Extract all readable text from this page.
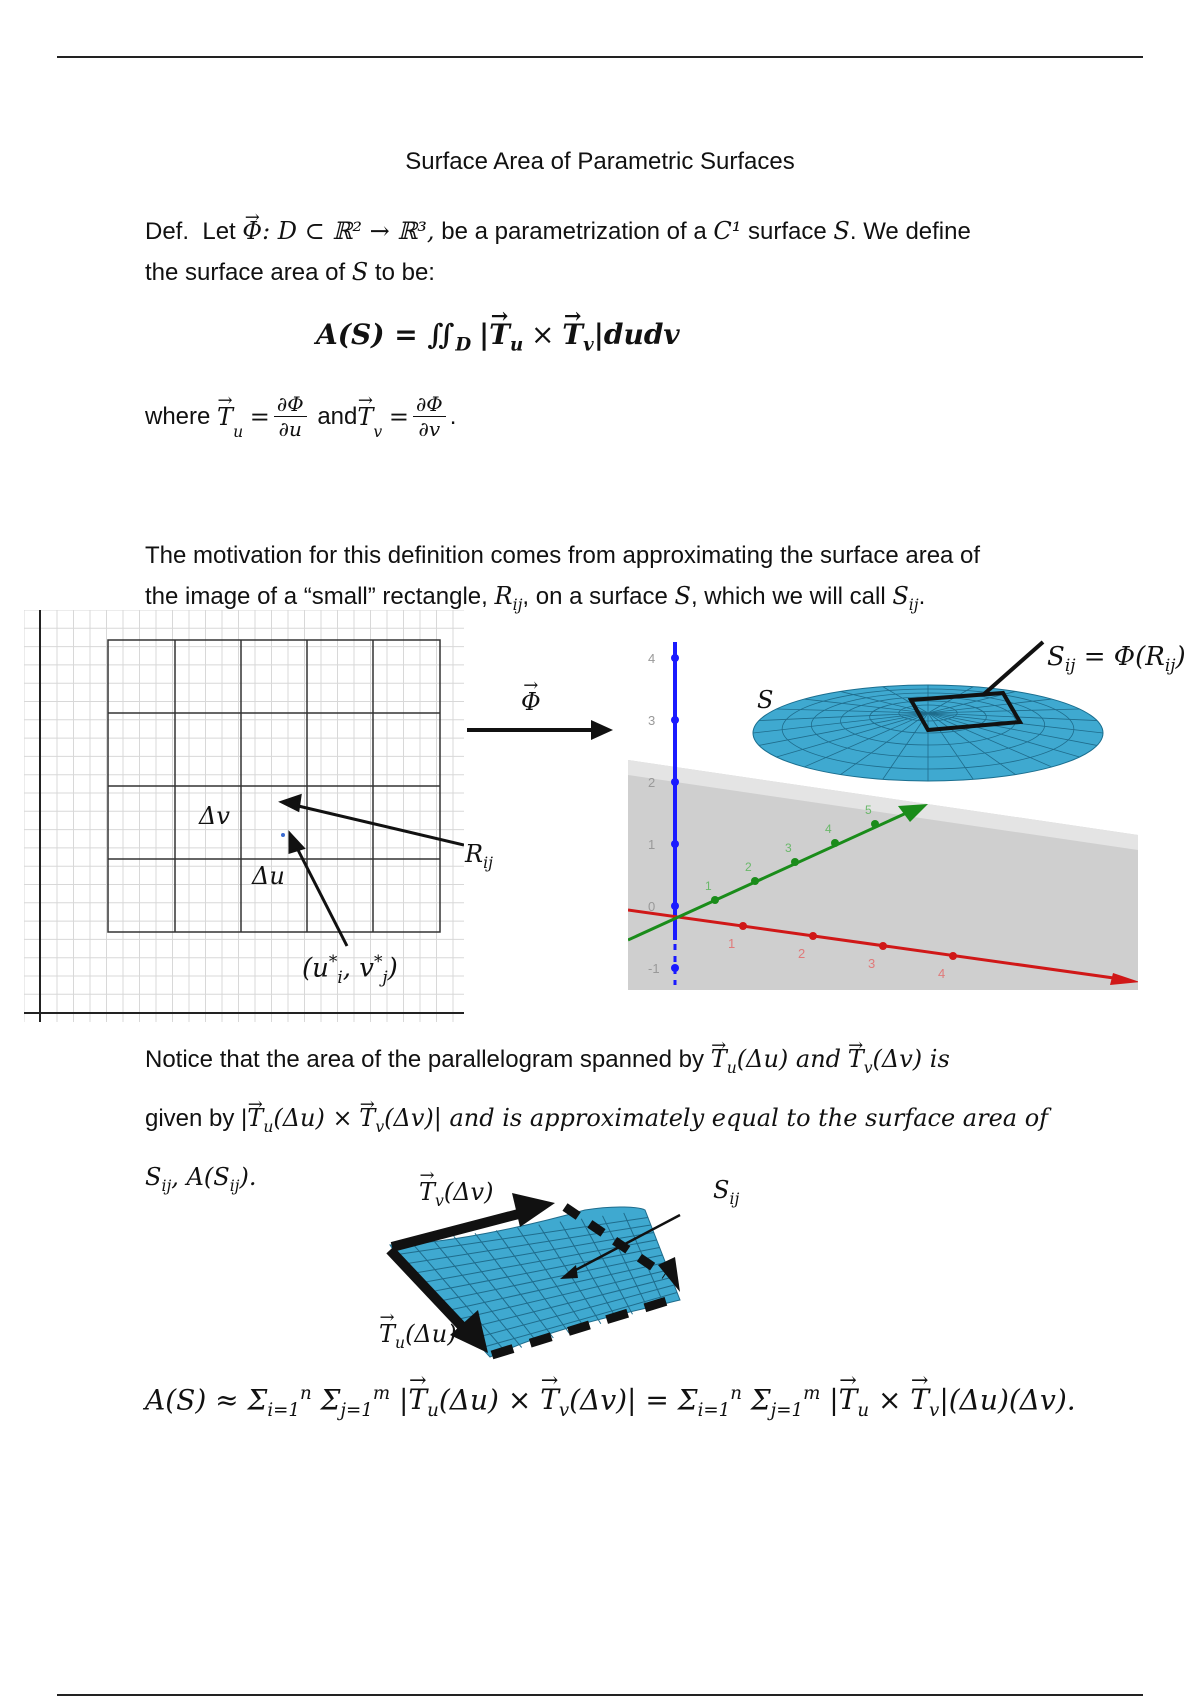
Surface Area of Parametric Surfaces
Def. Let → Φ: D ⊂ ℝ² → ℝ³, be a parametrization of a C¹ surface S. We define
the surface area of S to be:
$A(S) = ∬_D$ |→ $T_u$ × → $T_v|dudv$
where
→ T
$_u$

= $\frac{\partial\Phi}{\partial u}$
and → T
$_v$

= $\frac{\partial\Phi}{\partial v}$ .
The motivation for this definition comes from approximating the surface area of
the image of a “small” rectangle, $R_{ij}$, on a surface S, which we will call $S_{ij}$.
Δv
Δu
$R_{ij}$
($u^*_i$, $v^*_j$)
→ Φ
4
3
2
1
0
-1
1
2
3
4
5
1
2
3
4
S
$S_{ij} = \Phi(R_{ij})$
Notice that the area of the parallelogram spanned by → $T_u(\Delta u)$ and → $T_v(\Delta v)$ is
given by |→ $T_u(\Delta u)$ × → $T_v(\Delta v)|$ and is approximately equal to the surface area of
$S_{ij}$, $A(S_{ij})$.
→ $T_v(\Delta v)$
→ $T_u(\Delta u)$
$S_{ij}$
$A(S) \approx \Sigma_{i=1}^n$ $\Sigma_{j=1}^m$ |→ $T_u(\Delta u)$ × → $T_v(\Delta v)| = \Sigma_{i=1}^n$ $\Sigma_{j=1}^m$ |→ $T_u$ × → $T_v|(\Delta u)(\Delta v)$.
